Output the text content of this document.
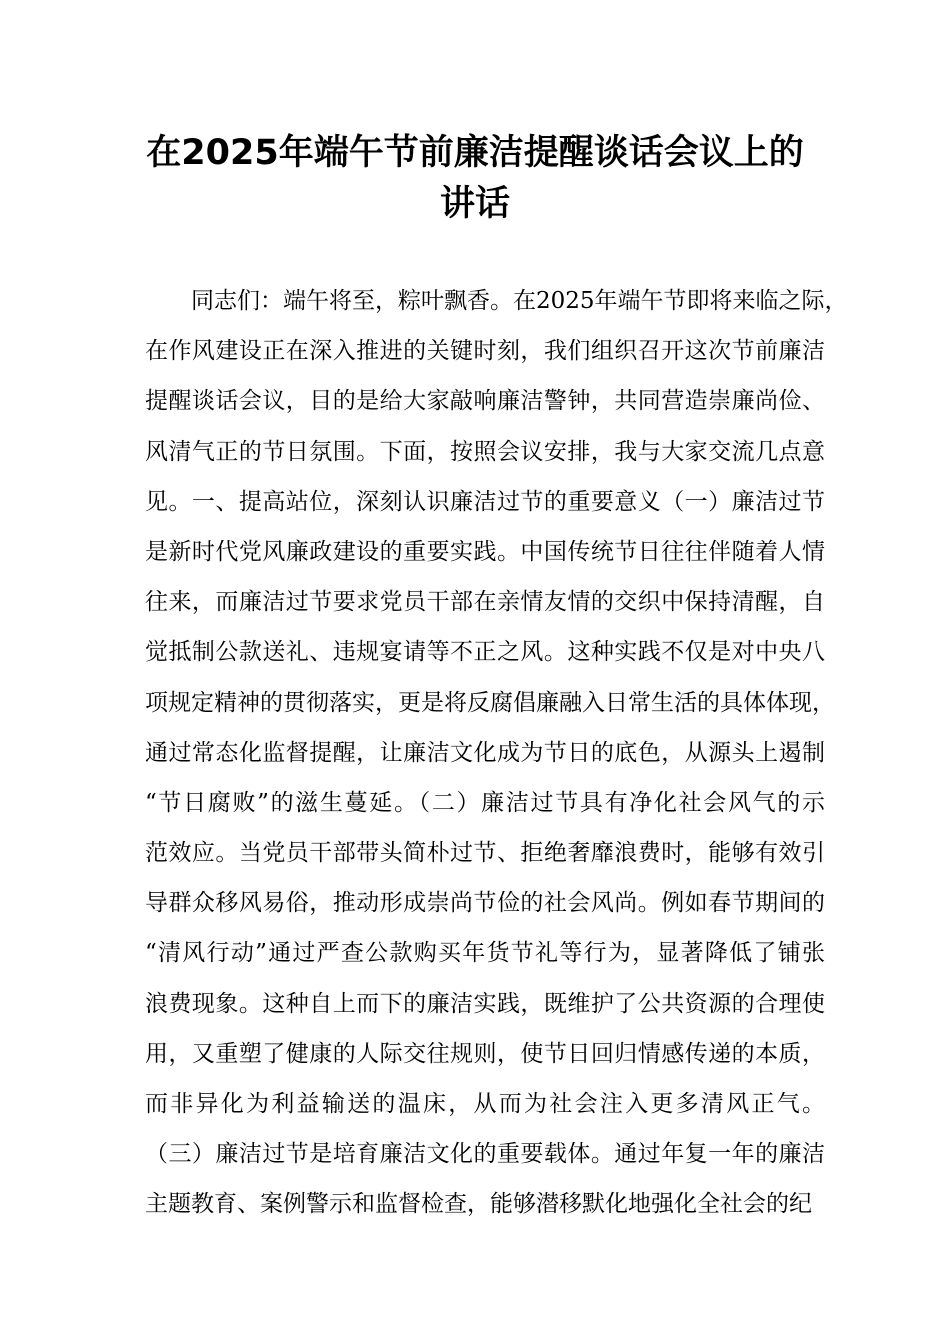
在2025年端午节前廉洁提醒谈话会议上的
讲话
同志们：端午将至，粽叶飘香。在2025年端午节即将来临之际，
在作风建设正在深入推进的关键时刻，我们组织召开这次节前廉洁
提醒谈话会议，目的是给大家敲响廉洁警钟，共同营造崇廉尚俭、
风清气正的节日氛围。下面，按照会议安排，我与大家交流几点意
见。一、提高站位，深刻认识廉洁过节的重要意义（一）廉洁过节
是新时代党风廉政建设的重要实践。中国传统节日往往伴随着人情
往来，而廉洁过节要求党员干部在亲情友情的交织中保持清醒，自
觉抵制公款送礼、违规宴请等不正之风。这种实践不仅是对中央八
项规定精神的贯彻落实，更是将反腐倡廉融入日常生活的具体体现，
通过常态化监督提醒，让廉洁文化成为节日的底色，从源头上遏制
“节日腐败”的滋生蔓延。（二）廉洁过节具有净化社会风气的示
范效应。当党员干部带头简朴过节、拒绝奢靡浪费时，能够有效引
导群众移风易俗，推动形成崇尚节俭的社会风尚。例如春节期间的
“清风行动”通过严查公款购买年货节礼等行为，显著降低了铺张
浪费现象。这种自上而下的廉洁实践，既维护了公共资源的合理使
用，又重塑了健康的人际交往规则，使节日回归情感传递的本质，
而非异化为利益输送的温床，从而为社会注入更多清风正气。
（三）廉洁过节是培育廉洁文化的重要载体。通过年复一年的廉洁
主题教育、案例警示和监督检查，能够潜移默化地强化全社会的纪
